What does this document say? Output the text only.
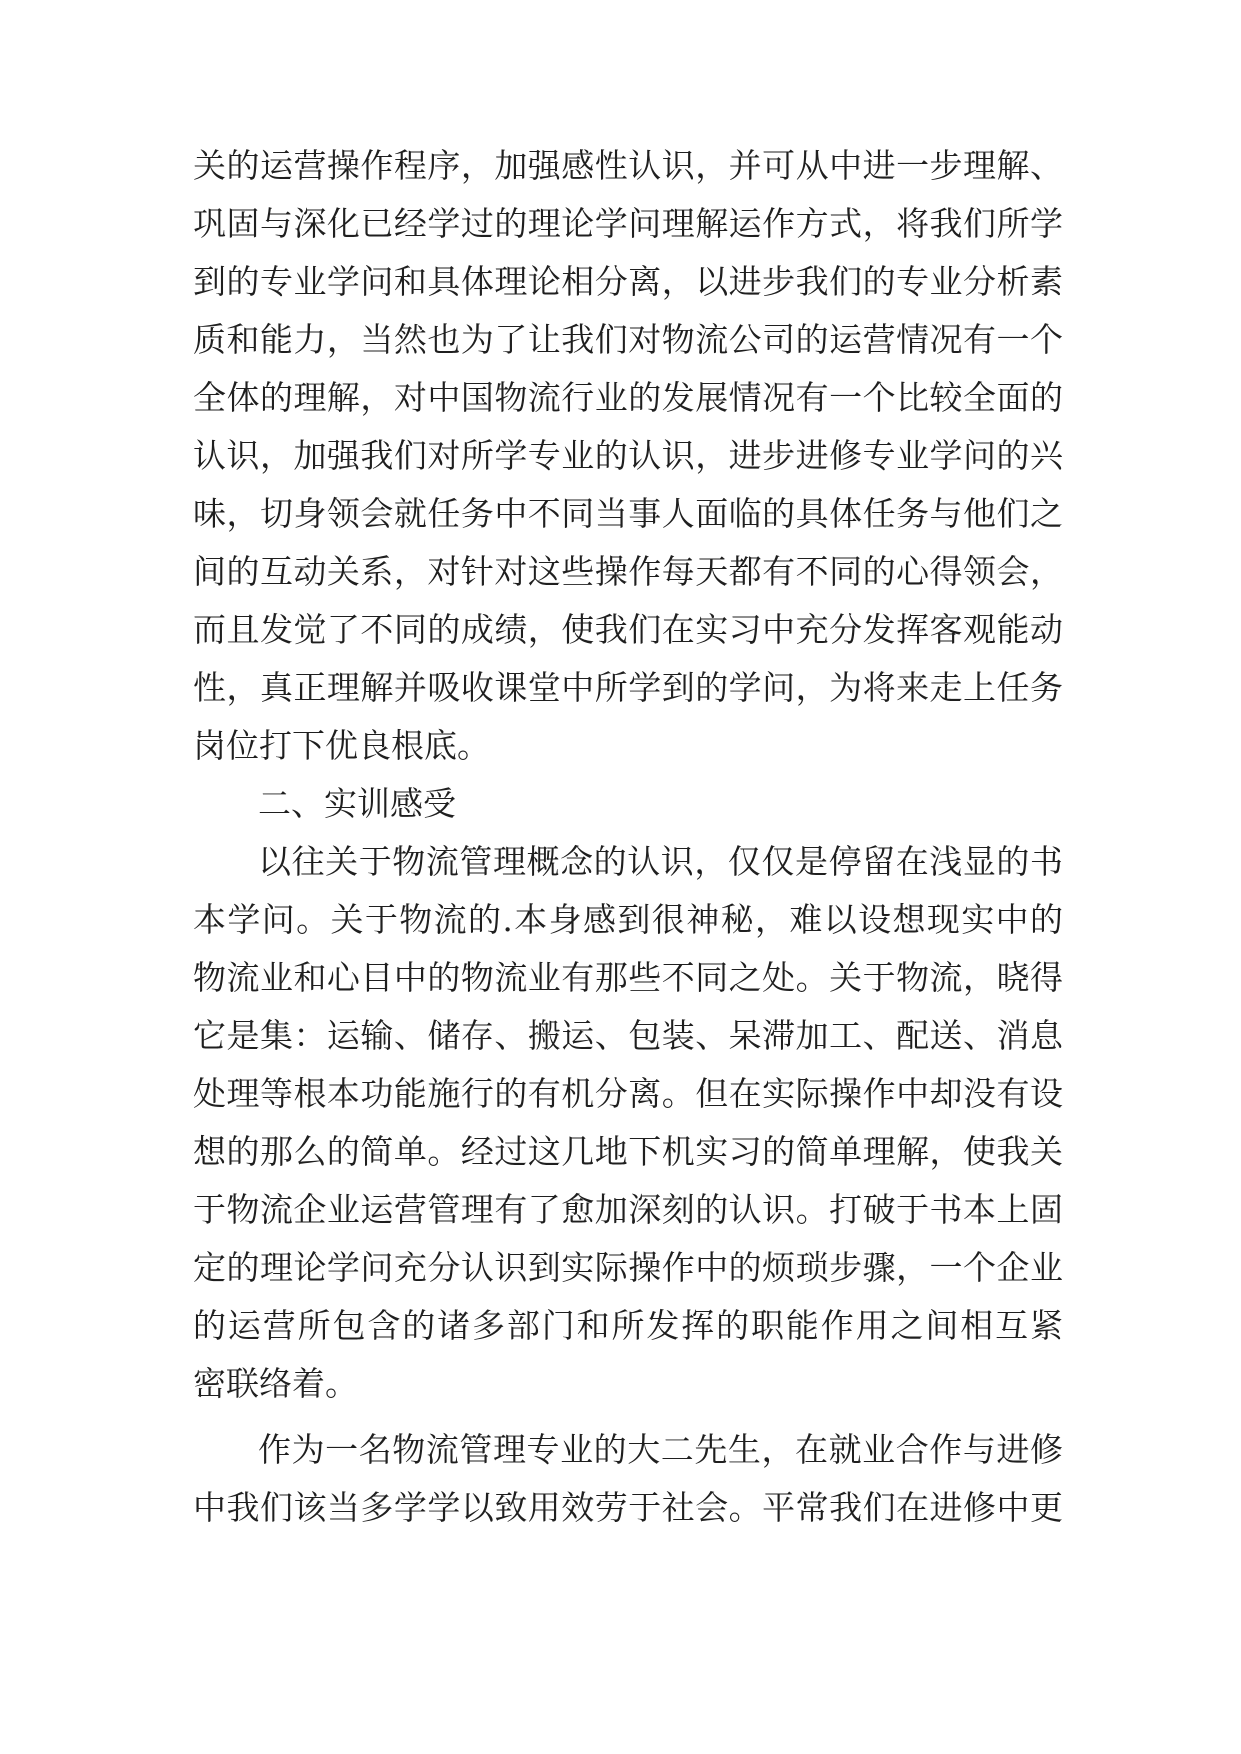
关的运营操作程序，加强感性认识，并可从中进一步理解、
巩固与深化已经学过的理论学问理解运作方式，将我们所学
到的专业学问和具体理论相分离，以进步我们的专业分析素
质和能力，当然也为了让我们对物流公司的运营情况有一个
全体的理解，对中国物流行业的发展情况有一个比较全面的
认识，加强我们对所学专业的认识，进步进修专业学问的兴
味，切身领会就任务中不同当事人面临的具体任务与他们之
间的互动关系，对针对这些操作每天都有不同的心得领会，
而且发觉了不同的成绩，使我们在实习中充分发挥客观能动
性，真正理解并吸收课堂中所学到的学问，为将来走上任务
岗位打下优良根底。
二、实训感受
以往关于物流管理概念的认识，仅仅是停留在浅显的书
本学问。关于物流的.本身感到很神秘，难以设想现实中的
物流业和心目中的物流业有那些不同之处。关于物流，晓得
它是集：运输、储存、搬运、包装、呆滞加工、配送、消息
处理等根本功能施行的有机分离。但在实际操作中却没有设
想的那么的简单。经过这几地下机实习的简单理解，使我关
于物流企业运营管理有了愈加深刻的认识。打破于书本上固
定的理论学问充分认识到实际操作中的烦琐步骤，一个企业
的运营所包含的诸多部门和所发挥的职能作用之间相互紧
密联络着。
作为一名物流管理专业的大二先生，在就业合作与进修
中我们该当多学学以致用效劳于社会。平常我们在进修中更
